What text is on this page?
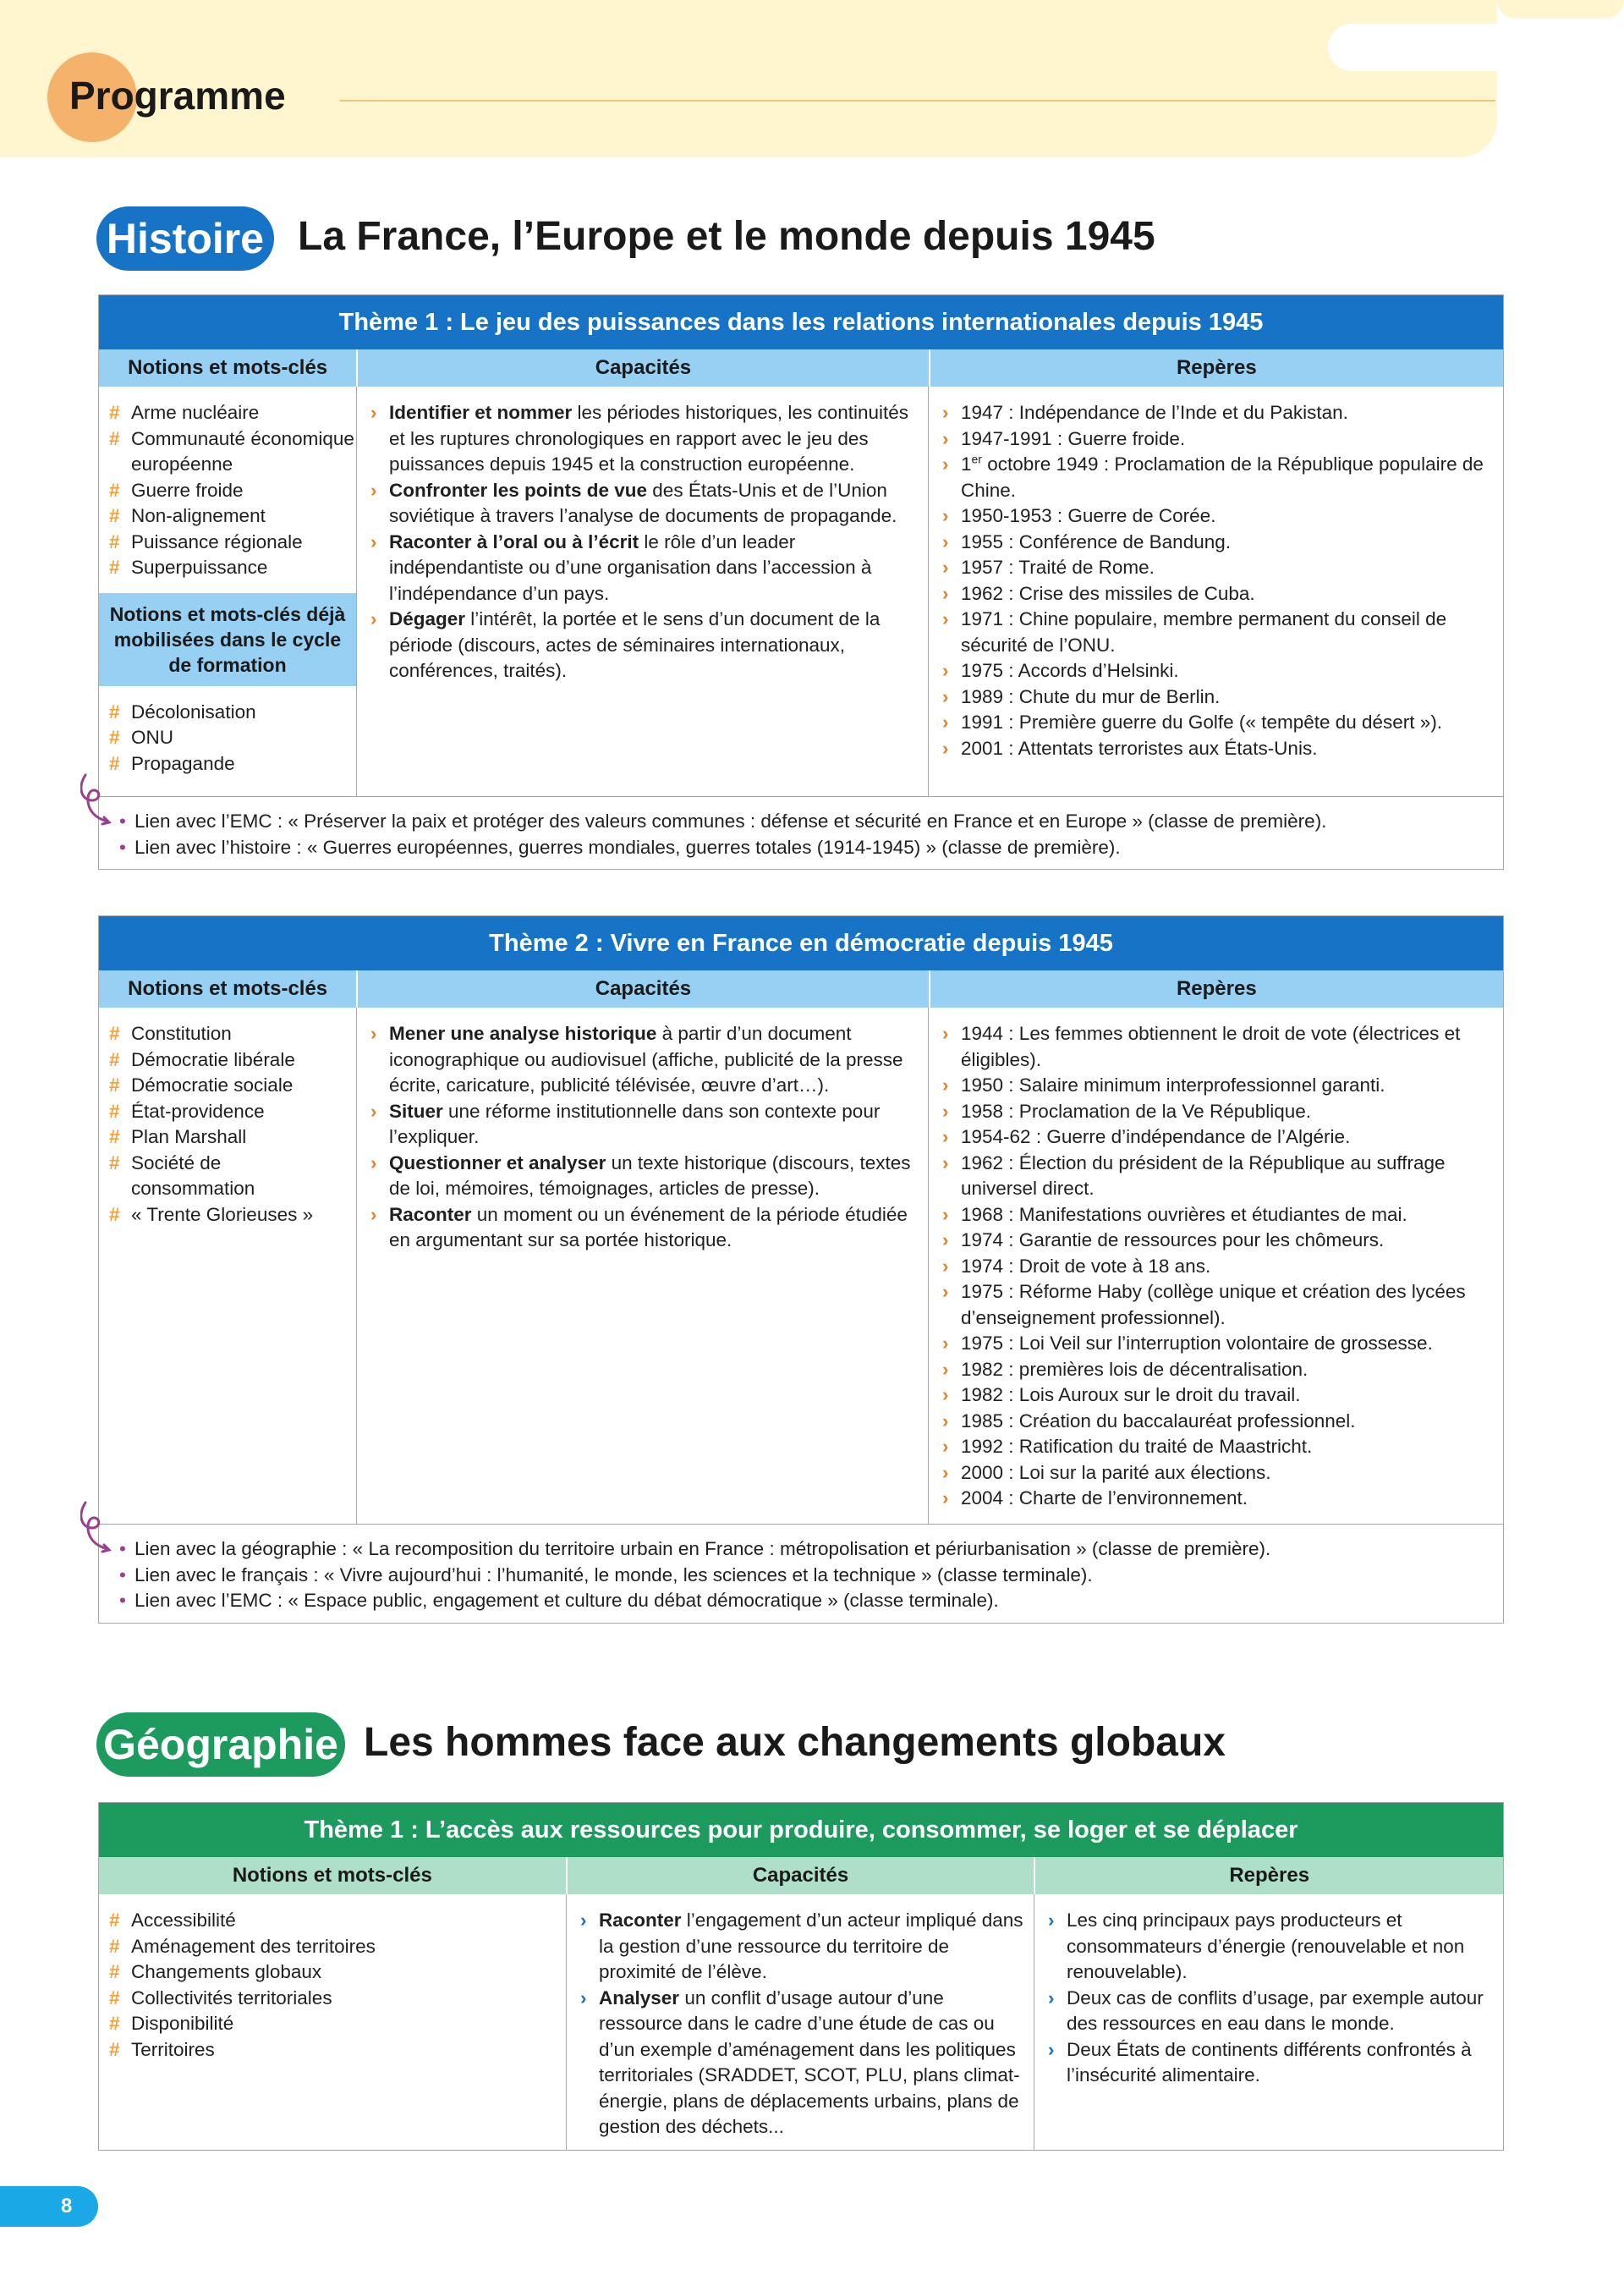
Programme
Histoire La France, l’Europe et le monde depuis 1945
Thème 1 : Le jeu des puissances dans les relations internationales depuis 1945
Notions et mots-clés	Capacités	Repères
# Arme nucléaire
# Communauté économique européenne
# Guerre froide
# Non-alignement
# Puissance régionale
# Superpuissance
Notions et mots-clés déjà mobilisées dans le cycle de formation
# Décolonisation
# ONU
# Propagande
› Identifier et nommer les périodes historiques, les continuités et les ruptures chronologiques en rapport avec le jeu des puissances depuis 1945 et la construction européenne.
› Confronter les points de vue des États-Unis et de l’Union soviétique à travers l’analyse de documents de propagande.
› Raconter à l’oral ou à l’écrit le rôle d’un leader indépendantiste ou d’une organisation dans l’accession à l’indépendance d’un pays.
› Dégager l’intérêt, la portée et le sens d’un document de la période (discours, actes de séminaires internationaux, conférences, traités).
› 1947 : Indépendance de l’Inde et du Pakistan.
› 1947-1991 : Guerre froide.
› 1er octobre 1949 : Proclamation de la République populaire de Chine.
› 1950-1953 : Guerre de Corée.
› 1955 : Conférence de Bandung.
› 1957 : Traité de Rome.
› 1962 : Crise des missiles de Cuba.
› 1971 : Chine populaire, membre permanent du conseil de sécurité de l’ONU.
› 1975 : Accords d’Helsinki.
› 1989 : Chute du mur de Berlin.
› 1991 : Première guerre du Golfe (« tempête du désert »).
› 2001 : Attentats terroristes aux États-Unis.
• Lien avec l’EMC : « Préserver la paix et protéger des valeurs communes : défense et sécurité en France et en Europe » (classe de première).
• Lien avec l’histoire : « Guerres européennes, guerres mondiales, guerres totales (1914-1945) » (classe de première).
Thème 2 : Vivre en France en démocratie depuis 1945
Notions et mots-clés	Capacités	Repères
# Constitution
# Démocratie libérale
# Démocratie sociale
# État-providence
# Plan Marshall
# Société de consommation
# « Trente Glorieuses »
› Mener une analyse historique à partir d’un document iconographique ou audiovisuel (affiche, publicité de la presse écrite, caricature, publicité télévisée, œuvre d’art…).
› Situer une réforme institutionnelle dans son contexte pour l’expliquer.
› Questionner et analyser un texte historique (discours, textes de loi, mémoires, témoignages, articles de presse).
› Raconter un moment ou un événement de la période étudiée en argumentant sur sa portée historique.
› 1944 : Les femmes obtiennent le droit de vote (électrices et éligibles).
› 1950 : Salaire minimum interprofessionnel garanti.
› 1958 : Proclamation de la Ve République.
› 1954-62 : Guerre d’indépendance de l’Algérie.
› 1962 : Élection du président de la République au suffrage universel direct.
› 1968 : Manifestations ouvrières et étudiantes de mai.
› 1974 : Garantie de ressources pour les chômeurs.
› 1974 : Droit de vote à 18 ans.
› 1975 : Réforme Haby (collège unique et création des lycées d’enseignement professionnel).
› 1975 : Loi Veil sur l’interruption volontaire de grossesse.
› 1982 : premières lois de décentralisation.
› 1982 : Lois Auroux sur le droit du travail.
› 1985 : Création du baccalauréat professionnel.
› 1992 : Ratification du traité de Maastricht.
› 2000 : Loi sur la parité aux élections.
› 2004 : Charte de l’environnement.
• Lien avec la géographie : « La recomposition du territoire urbain en France : métropolisation et périurbanisation » (classe de première).
• Lien avec le français : « Vivre aujourd’hui : l’humanité, le monde, les sciences et la technique » (classe terminale).
• Lien avec l’EMC : « Espace public, engagement et culture du débat démocratique » (classe terminale).
Géographie Les hommes face aux changements globaux
Thème 1 : L’accès aux ressources pour produire, consommer, se loger et se déplacer
Notions et mots-clés	Capacités	Repères
# Accessibilité
# Aménagement des territoires
# Changements globaux
# Collectivités territoriales
# Disponibilité
# Territoires
› Raconter l’engagement d’un acteur impliqué dans la gestion d’une ressource du territoire de proximité de l’élève.
› Analyser un conflit d’usage autour d’une ressource dans le cadre d’une étude de cas ou d’un exemple d’aménagement dans les politiques territoriales (SRADDET, SCOT, PLU, plans climat-énergie, plans de déplacements urbains, plans de gestion des déchets...
› Les cinq principaux pays producteurs et consommateurs d’énergie (renouvelable et non renouvelable).
› Deux cas de conflits d’usage, par exemple autour des ressources en eau dans le monde.
› Deux États de continents différents confrontés à l’insécurité alimentaire.
8
